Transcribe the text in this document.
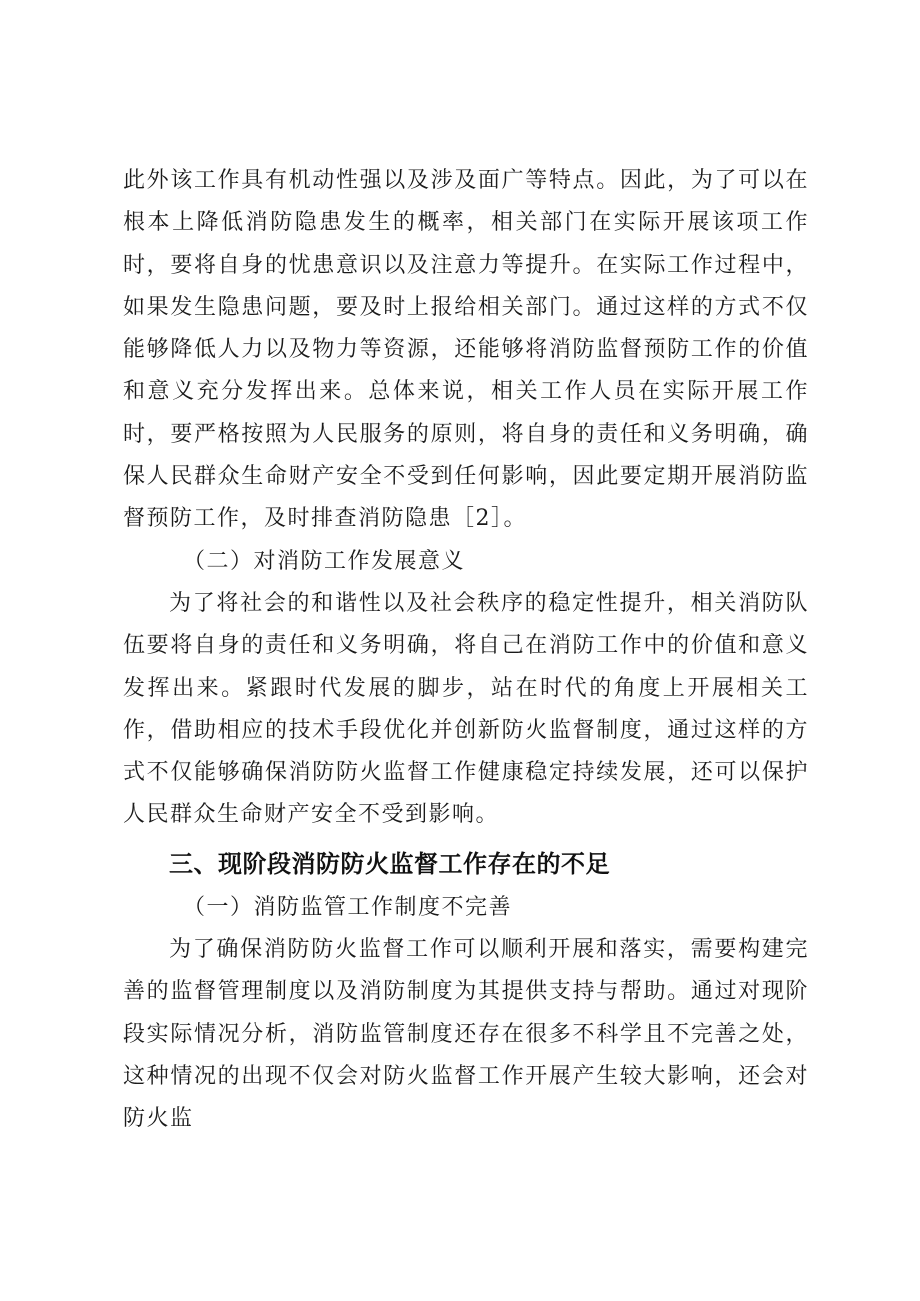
此外该工作具有机动性强以及涉及面广等特点。因此，为了可以在根本上降低消防隐患发生的概率，相关部门在实际开展该项工作时，要将自身的忧患意识以及注意力等提升。在实际工作过程中，如果发生隐患问题，要及时上报给相关部门。通过这样的方式不仅能够降低人力以及物力等资源，还能够将消防监督预防工作的价值和意义充分发挥出来。总体来说，相关工作人员在实际开展工作时，要严格按照为人民服务的原则，将自身的责任和义务明确，确保人民群众生命财产安全不受到任何影响，因此要定期开展消防监督预防工作，及时排查消防隐患［2］。

（二）对消防工作发展意义

为了将社会的和谐性以及社会秩序的稳定性提升，相关消防队伍要将自身的责任和义务明确，将自己在消防工作中的价值和意义发挥出来。紧跟时代发展的脚步，站在时代的角度上开展相关工作，借助相应的技术手段优化并创新防火监督制度，通过这样的方式不仅能够确保消防防火监督工作健康稳定持续发展，还可以保护人民群众生命财产安全不受到影响。

三、现阶段消防防火监督工作存在的不足

（一）消防监管工作制度不完善

为了确保消防防火监督工作可以顺利开展和落实，需要构建完善的监督管理制度以及消防制度为其提供支持与帮助。通过对现阶段实际情况分析，消防监管制度还存在很多不科学且不完善之处，这种情况的出现不仅会对防火监督工作开展产生较大影响，还会对防火监
